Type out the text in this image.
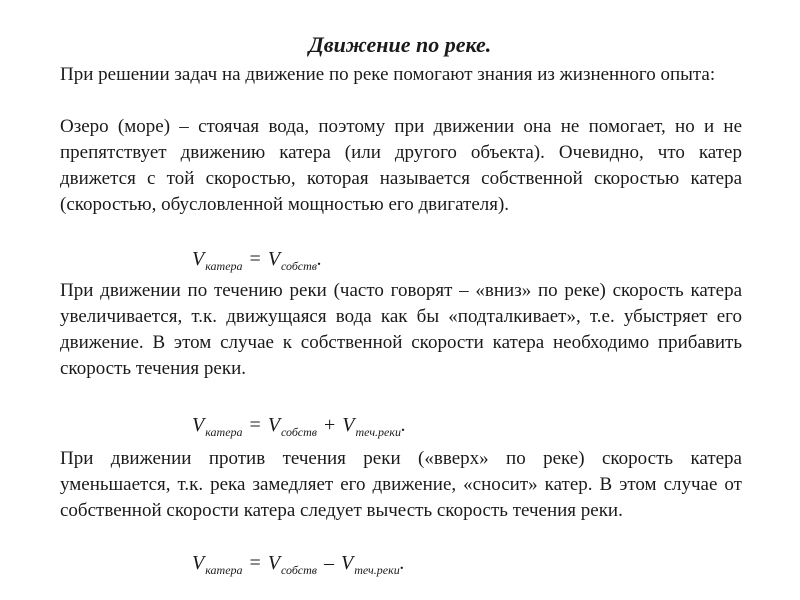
Движение по реке.

При решении задач на движение по реке помогают знания из жизненного опыта:

Озеро (море) – стоячая вода, поэтому при движении она не помогает, но и не препятствует движению катера (или другого объекта). Очевидно, что катер движется с той скоростью, которая называется собственной скоростью катера (скоростью, обусловленной мощностью его двигателя).

$V_{катера} = V_{собств}$.

При движении по течению реки (часто говорят – «вниз» по реке) скорость катера увеличивается, т.к. движущаяся вода как бы «подталкивает», т.е. убыстряет его движение. В этом случае к собственной скорости катера необходимо прибавить скорость течения реки.

$V_{катера} = V_{собств} + V_{теч.реки}$.

При движении против течения реки («вверх» по реке) скорость катера уменьшается, т.к. река замедляет его движение, «сносит» катер. В этом случае от собственной скорости катера следует вычесть скорость течения реки.

$V_{катера} = V_{собств} - V_{теч.реки}$.
